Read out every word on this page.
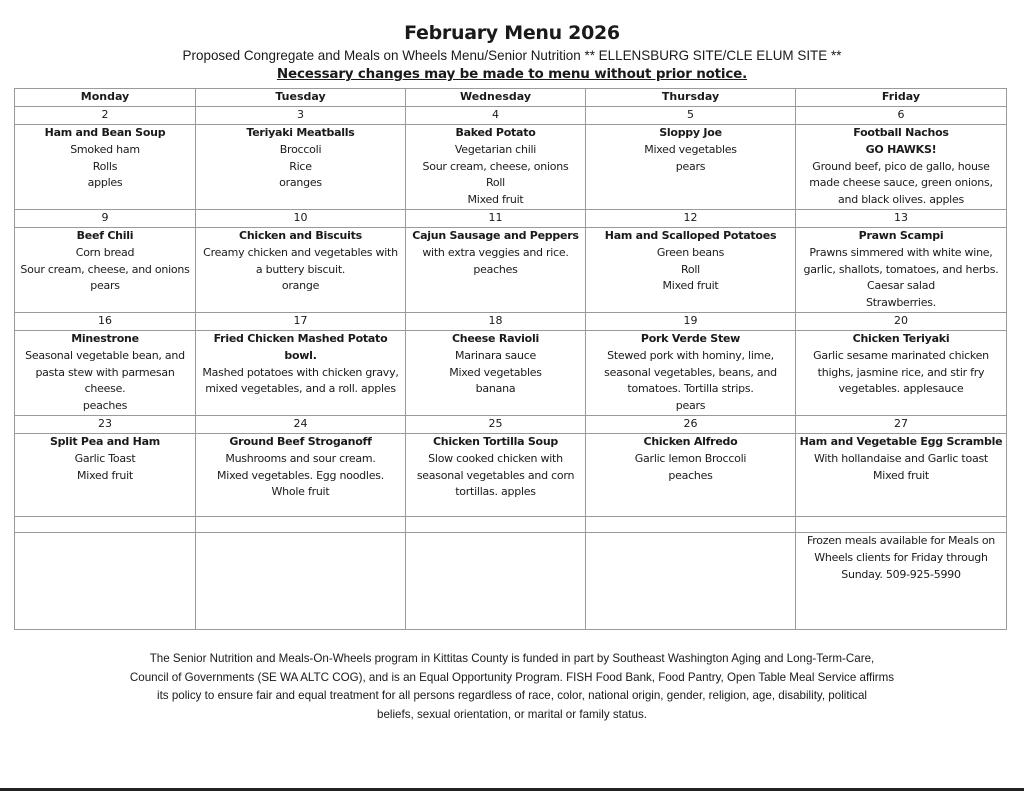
February Menu 2026
Proposed Congregate and Meals on Wheels Menu/Senior Nutrition ** ELLENSBURG SITE/CLE ELUM SITE **
Necessary changes may be made to menu without prior notice.
Monday	Tuesday	Wednesday	Thursday	Friday
2	3	4	5	6

Ham and Bean Soup
Smoked ham
Rolls
apples	Teriyaki Meatballs
Broccoli
Rice
oranges	Baked Potato
Vegetarian chili
Sour cream, cheese, onions
Roll
Mixed fruit	Sloppy Joe
Mixed vegetables
pears	Football Nachos
GO HAWKS!
Ground beef, pico de gallo, house made cheese sauce, green onions, and black olives. apples

9	10	11	12	13

Beef Chili
Corn bread
Sour cream, cheese, and onions
pears	Chicken and Biscuits
Creamy chicken and vegetables with a buttery biscuit.
orange	Cajun Sausage and Peppers
with extra veggies and rice.
peaches	Ham and Scalloped Potatoes
Green beans
Roll
Mixed fruit	Prawn Scampi
Prawns simmered with white wine, garlic, shallots, tomatoes, and herbs. Caesar salad
Strawberries.

16	17	18	19	20

Minestrone
Seasonal vegetable bean, and pasta stew with parmesan cheese.
peaches	Fried Chicken Mashed Potato bowl.
Mashed potatoes with chicken gravy, mixed vegetables, and a roll. apples	Cheese Ravioli
Marinara sauce
Mixed vegetables
banana	Pork Verde Stew
Stewed pork with hominy, lime, seasonal vegetables, beans, and tomatoes. Tortilla strips.
pears	Chicken Teriyaki
Garlic sesame marinated chicken thighs, jasmine rice, and stir fry vegetables. applesauce

23	24	25	26	27

Split Pea and Ham
Garlic Toast
Mixed fruit	Ground Beef Stroganoff
Mushrooms and sour cream.
Mixed vegetables. Egg noodles.
Whole fruit	Chicken Tortilla Soup
Slow cooked chicken with seasonal vegetables and corn tortillas. apples	Chicken Alfredo
Garlic lemon Broccoli
peaches	Ham and Vegetable Egg Scramble
With hollandaise and Garlic toast
Mixed fruit

				Frozen meals available for Meals on Wheels clients for Friday through Sunday. 509-925-5990
The Senior Nutrition and Meals-On-Wheels program in Kittitas County is funded in part by Southeast Washington Aging and Long-Term-Care,
Council of Governments (SE WA ALTC COG), and is an Equal Opportunity Program. FISH Food Bank, Food Pantry, Open Table Meal Service affirms
its policy to ensure fair and equal treatment for all persons regardless of race, color, national origin, gender, religion, age, disability, political
beliefs, sexual orientation, or marital or family status.
